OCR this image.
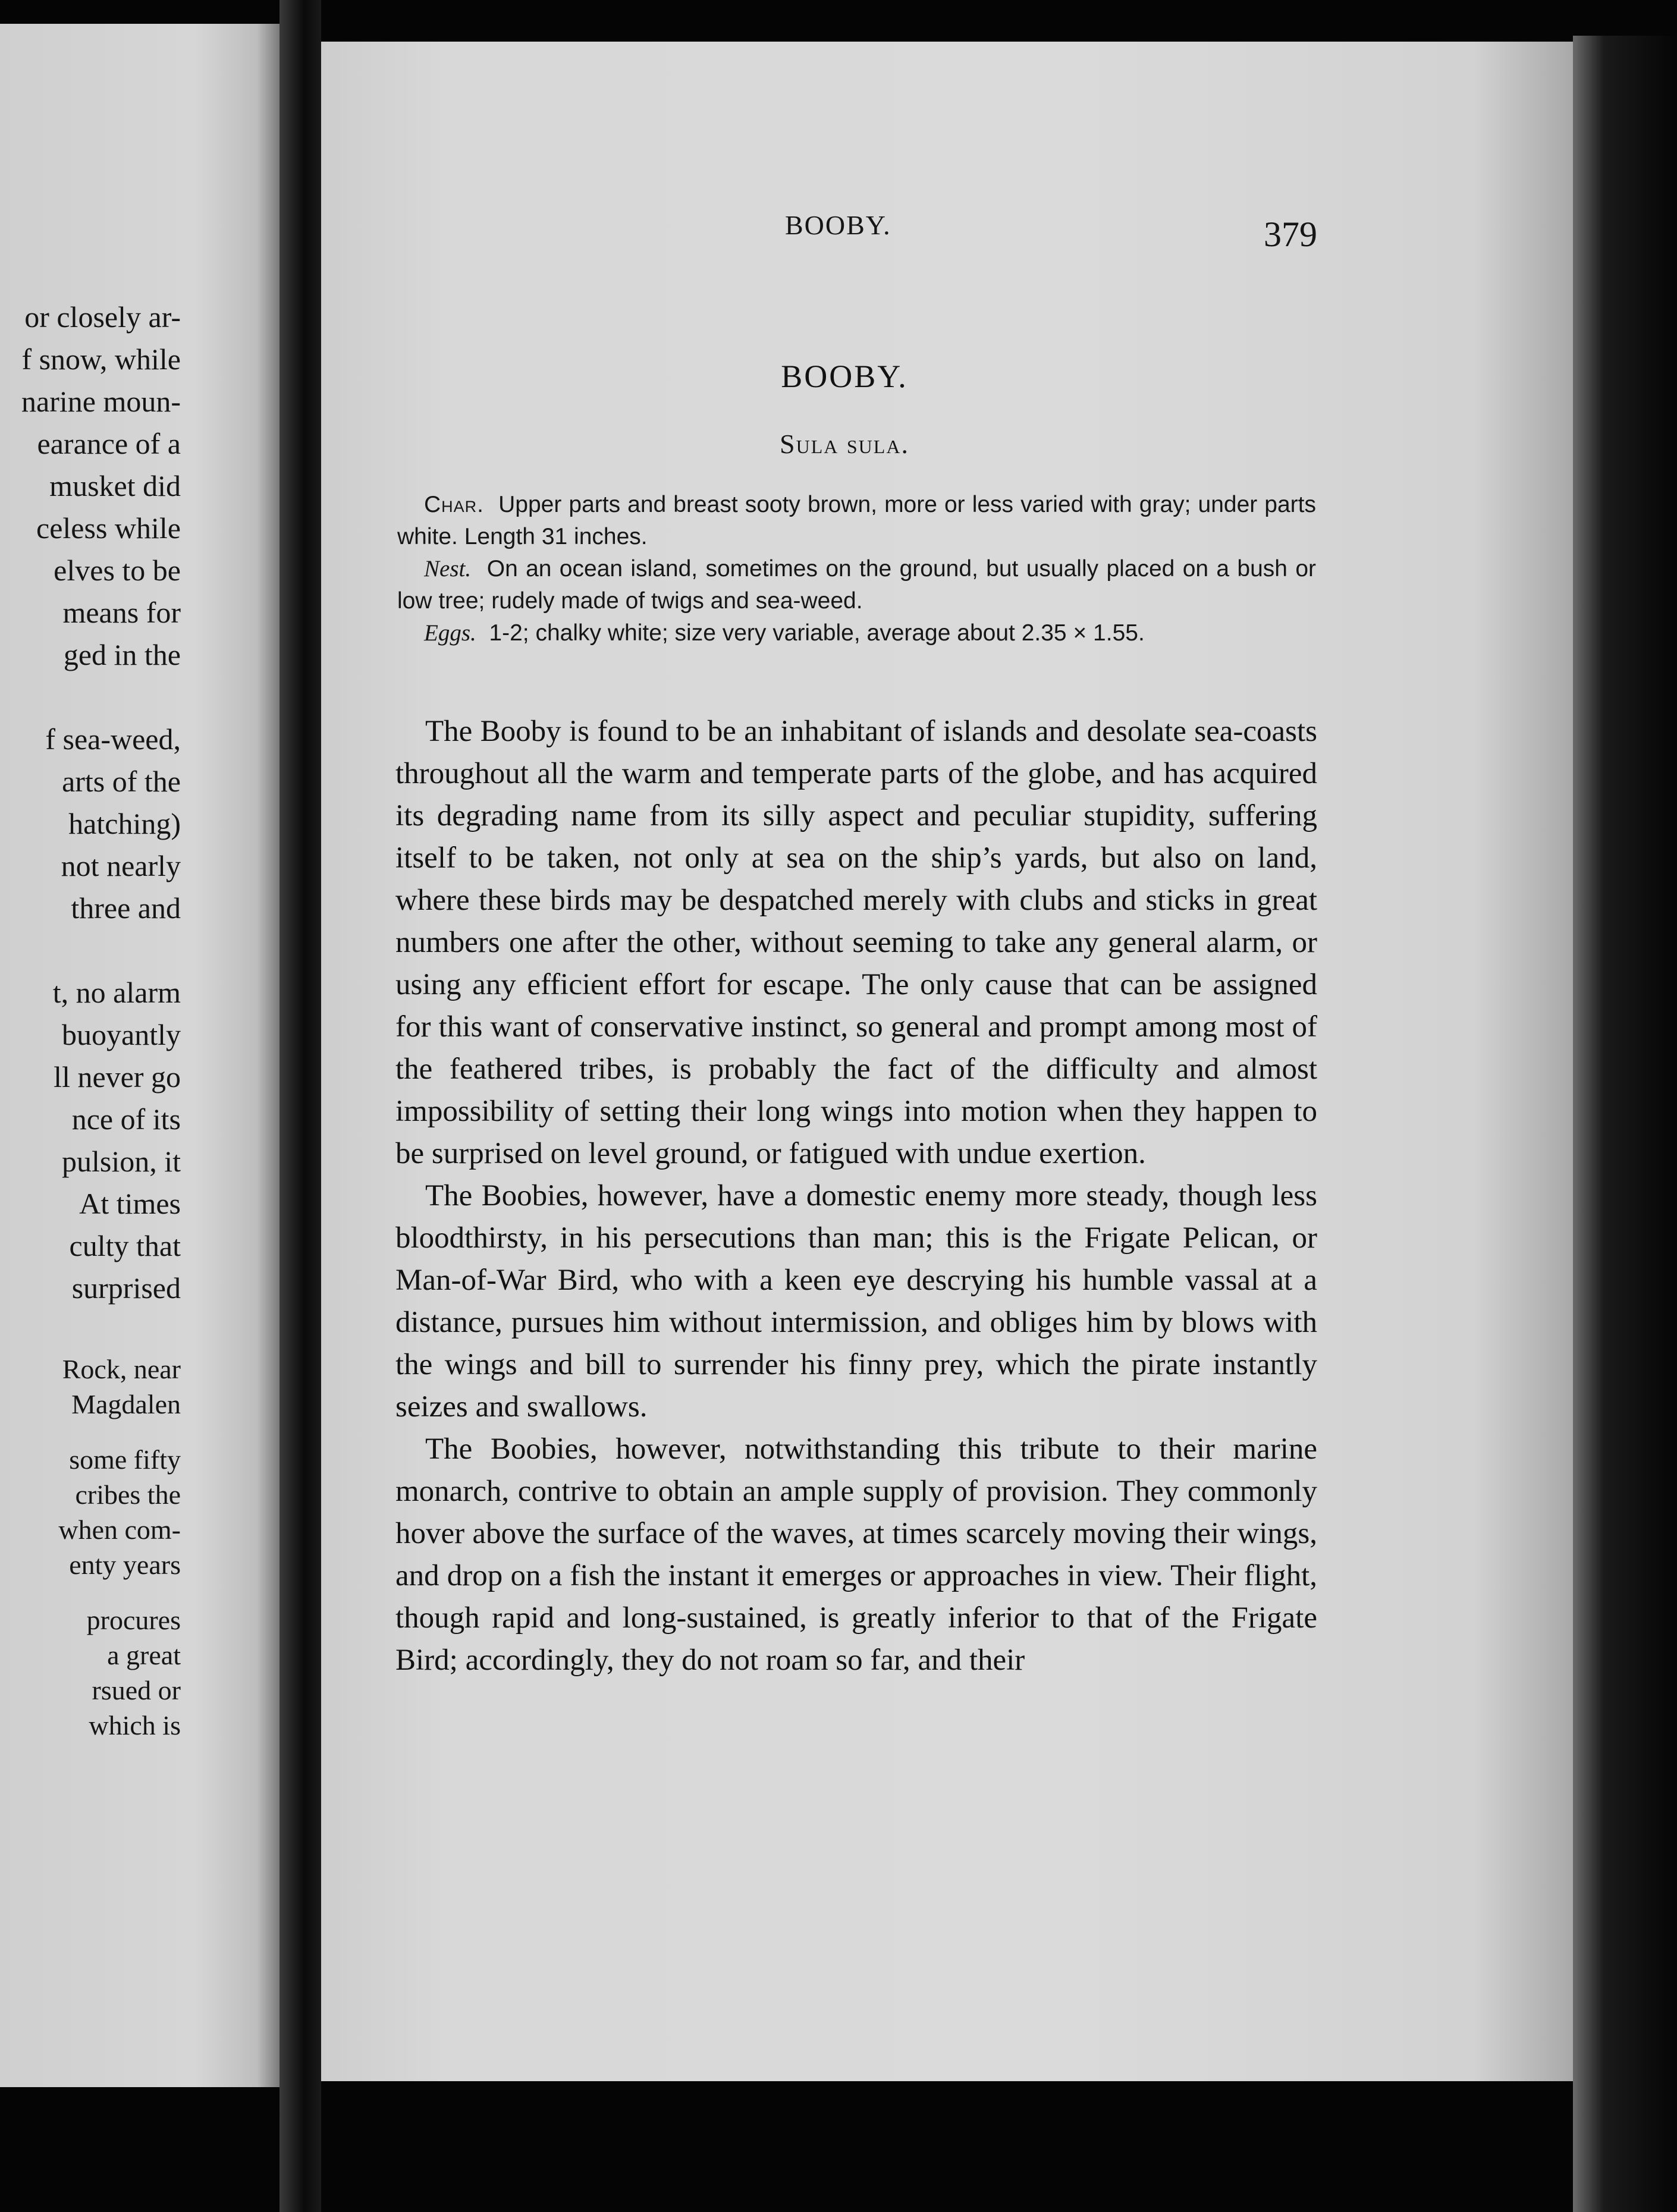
or closely ar-
f snow, while
narine moun-
earance of a
musket did
celess while
elves to be
means for
ged in the
f sea-weed,
arts of the
hatching)
not nearly
three and
t, no alarm
buoyantly
ll never go
nce of its
pulsion, it
At times
culty that
surprised
Rock, near
Magdalen
some fifty
cribes the
when com-
enty years
procures
a great
rsued or
which is
BOOBY.	379
BOOBY.
Sula sula.

Char. Upper parts and breast sooty brown, more or less varied with gray; under parts white. Length 31 inches.

Nest. On an ocean island, sometimes on the ground, but usually placed on a bush or low tree; rudely made of twigs and sea-weed.

Eggs. 1-2; chalky white; size very variable, average about 2.35 × 1.55.

The Booby is found to be an inhabitant of islands and desolate sea-coasts throughout all the warm and temperate parts of the globe, and has acquired its degrading name from its silly aspect and peculiar stupidity, suffering itself to be taken, not only at sea on the ship’s yards, but also on land, where these birds may be despatched merely with clubs and sticks in great numbers one after the other, without seeming to take any general alarm, or using any efficient effort for escape. The only cause that can be assigned for this want of conservative instinct, so general and prompt among most of the feathered tribes, is probably the fact of the difficulty and almost impossibility of setting their long wings into motion when they happen to be surprised on level ground, or fatigued with undue exertion.

The Boobies, however, have a domestic enemy more steady, though less bloodthirsty, in his persecutions than man; this is the Frigate Pelican, or Man-of-War Bird, who with a keen eye descrying his humble vassal at a distance, pursues him without intermission, and obliges him by blows with the wings and bill to surrender his finny prey, which the pirate instantly seizes and swallows.

The Boobies, however, notwithstanding this tribute to their marine monarch, contrive to obtain an ample supply of provision. They commonly hover above the surface of the waves, at times scarcely moving their wings, and drop on a fish the instant it emerges or approaches in view. Their flight, though rapid and long-sustained, is greatly inferior to that of the Frigate Bird; accordingly, they do not roam so far, and their
